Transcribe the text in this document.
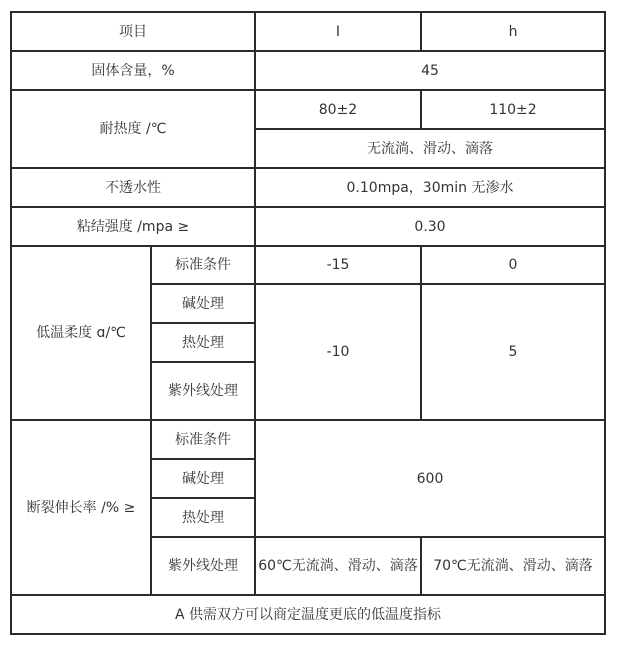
项目		I	h
固体含量，%		45	
耐热度 /℃		80±2	110±2
		无流淌、滑动、滴落	
不透水性		0.10mpa，30min 无渗水	
粘结强度 /mpa ≥		0.30	
低温柔度 ɑ/℃	标准条件	-15	0
	碱处理	-10	5
	热处理		
	紫外线处理		
断裂伸长率 /% ≥	标准条件	600	
	碱处理		
	热处理		
	紫外线处理	60℃无流淌、滑动、滴落	70℃无流淌、滑动、滴落
A 供需双方可以商定温度更底的低温度指标			
